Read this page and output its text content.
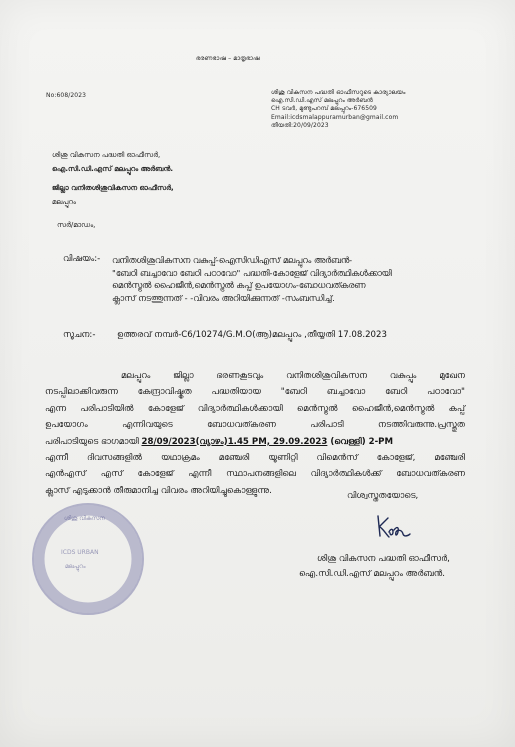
ഭരണഭാഷ – മാതൃഭാഷ
No:608/2023	ശിശു വികസന പദ്ധതി ഓഫീസറുടെ കാര്യാലയം
ഐ.സി.ഡി.എസ് മലപ്പുറം അർബൻ
CH ടവർ, മുണ്ടുപറമ്പ് മലപ്പുറം-676509
Email:icdsmalappuramurban@gmail.com
തീയതി:20/09/2023
ശിശു വികസന പദ്ധതി ഓഫീസർ,
ഐ.സി.ഡി.എസ് മലപ്പുറം അർബൻ.
ജില്ലാ വനിതശിശുവികസന ഓഫീസർ,
മലപ്പുറം
സർ/മാഡം,
വിഷയം:- വനിതശിശുവികസന വകുപ്പ്-ഐസിഡിഎസ് മലപ്പുറം അർബൻ-
"ബേഠി ബച്ചാവോ ബേഠി പഠാവോ" പദ്ധതി-കോളേജ് വിദ്യാർത്ഥികൾക്കായി
മെൻസ്ട്രൽ ഹൈജീൻ,മെൻസ്ട്രൽ കപ്പ് ഉപയോഗം-ബോധവത്കരണ
ക്ലാസ് നടത്തുന്നത് - -വിവരം അറിയിക്കുന്നത് -സംബന്ധിച്ച്.
സൂചന:-	ഉത്തരവ് നമ്പർ-C6/10274/G.M.O(ആ)മലപ്പുറം ,തീയ്യതി 17.08.2023
മലപ്പുറം ജില്ലാ ഭരണകൂടവും വനിതശിശുവികസന വകുപ്പും മുഖേന
നടപ്പിലാക്കിവരുന്ന കേന്ദ്രാവിഷ്കൃത പദ്ധതിയായ "ബേഠി ബച്ചാവോ ബേഠി പഠാവോ"
എന്ന പരിപാടിയിൽ കോളേജ് വിദ്യാർത്ഥികൾക്കായി മെൻസ്ട്രൽ ഹൈജീൻ,മെൻസ്ട്രൽ കപ്പ്
ഉപയോഗം എന്നിവയുടെ ബോധവത്കരണ പരിപാടി നടത്തിവരുന്നു.പ്രസ്തുത
പരിപാടിയുടെ ഭാഗമായി 28/09/2023(വ്യാഴം)1.45 PM, 29.09.2023 (വെള്ളി) 2-PM
എന്നീ ദിവസങ്ങളിൽ യഥാക്രമം മഞ്ചേരി യൂണിറ്റി വിമെൻസ് കോളേജ്, മഞ്ചേരി
എൻഎസ് എസ് കോളേജ് എന്നീ സ്ഥാപനങ്ങളിലെ വിദ്യാർത്ഥികൾക്ക് ബോധവത്കരണ
ക്ലാസ് എടുക്കാൻ തീരുമാനിച്ച വിവരം അറിയിച്ചുകൊള്ളുന്നു.
വിശ്വസ്തതയോടെ,
ശിശു വികസന പദ്ധതി ഓഫീസർ,
ഐ.സി.ഡി.എസ് മലപ്പുറം അർബൻ.
ശിശു വികസന
ICDS URBAN
മലപ്പുറം
